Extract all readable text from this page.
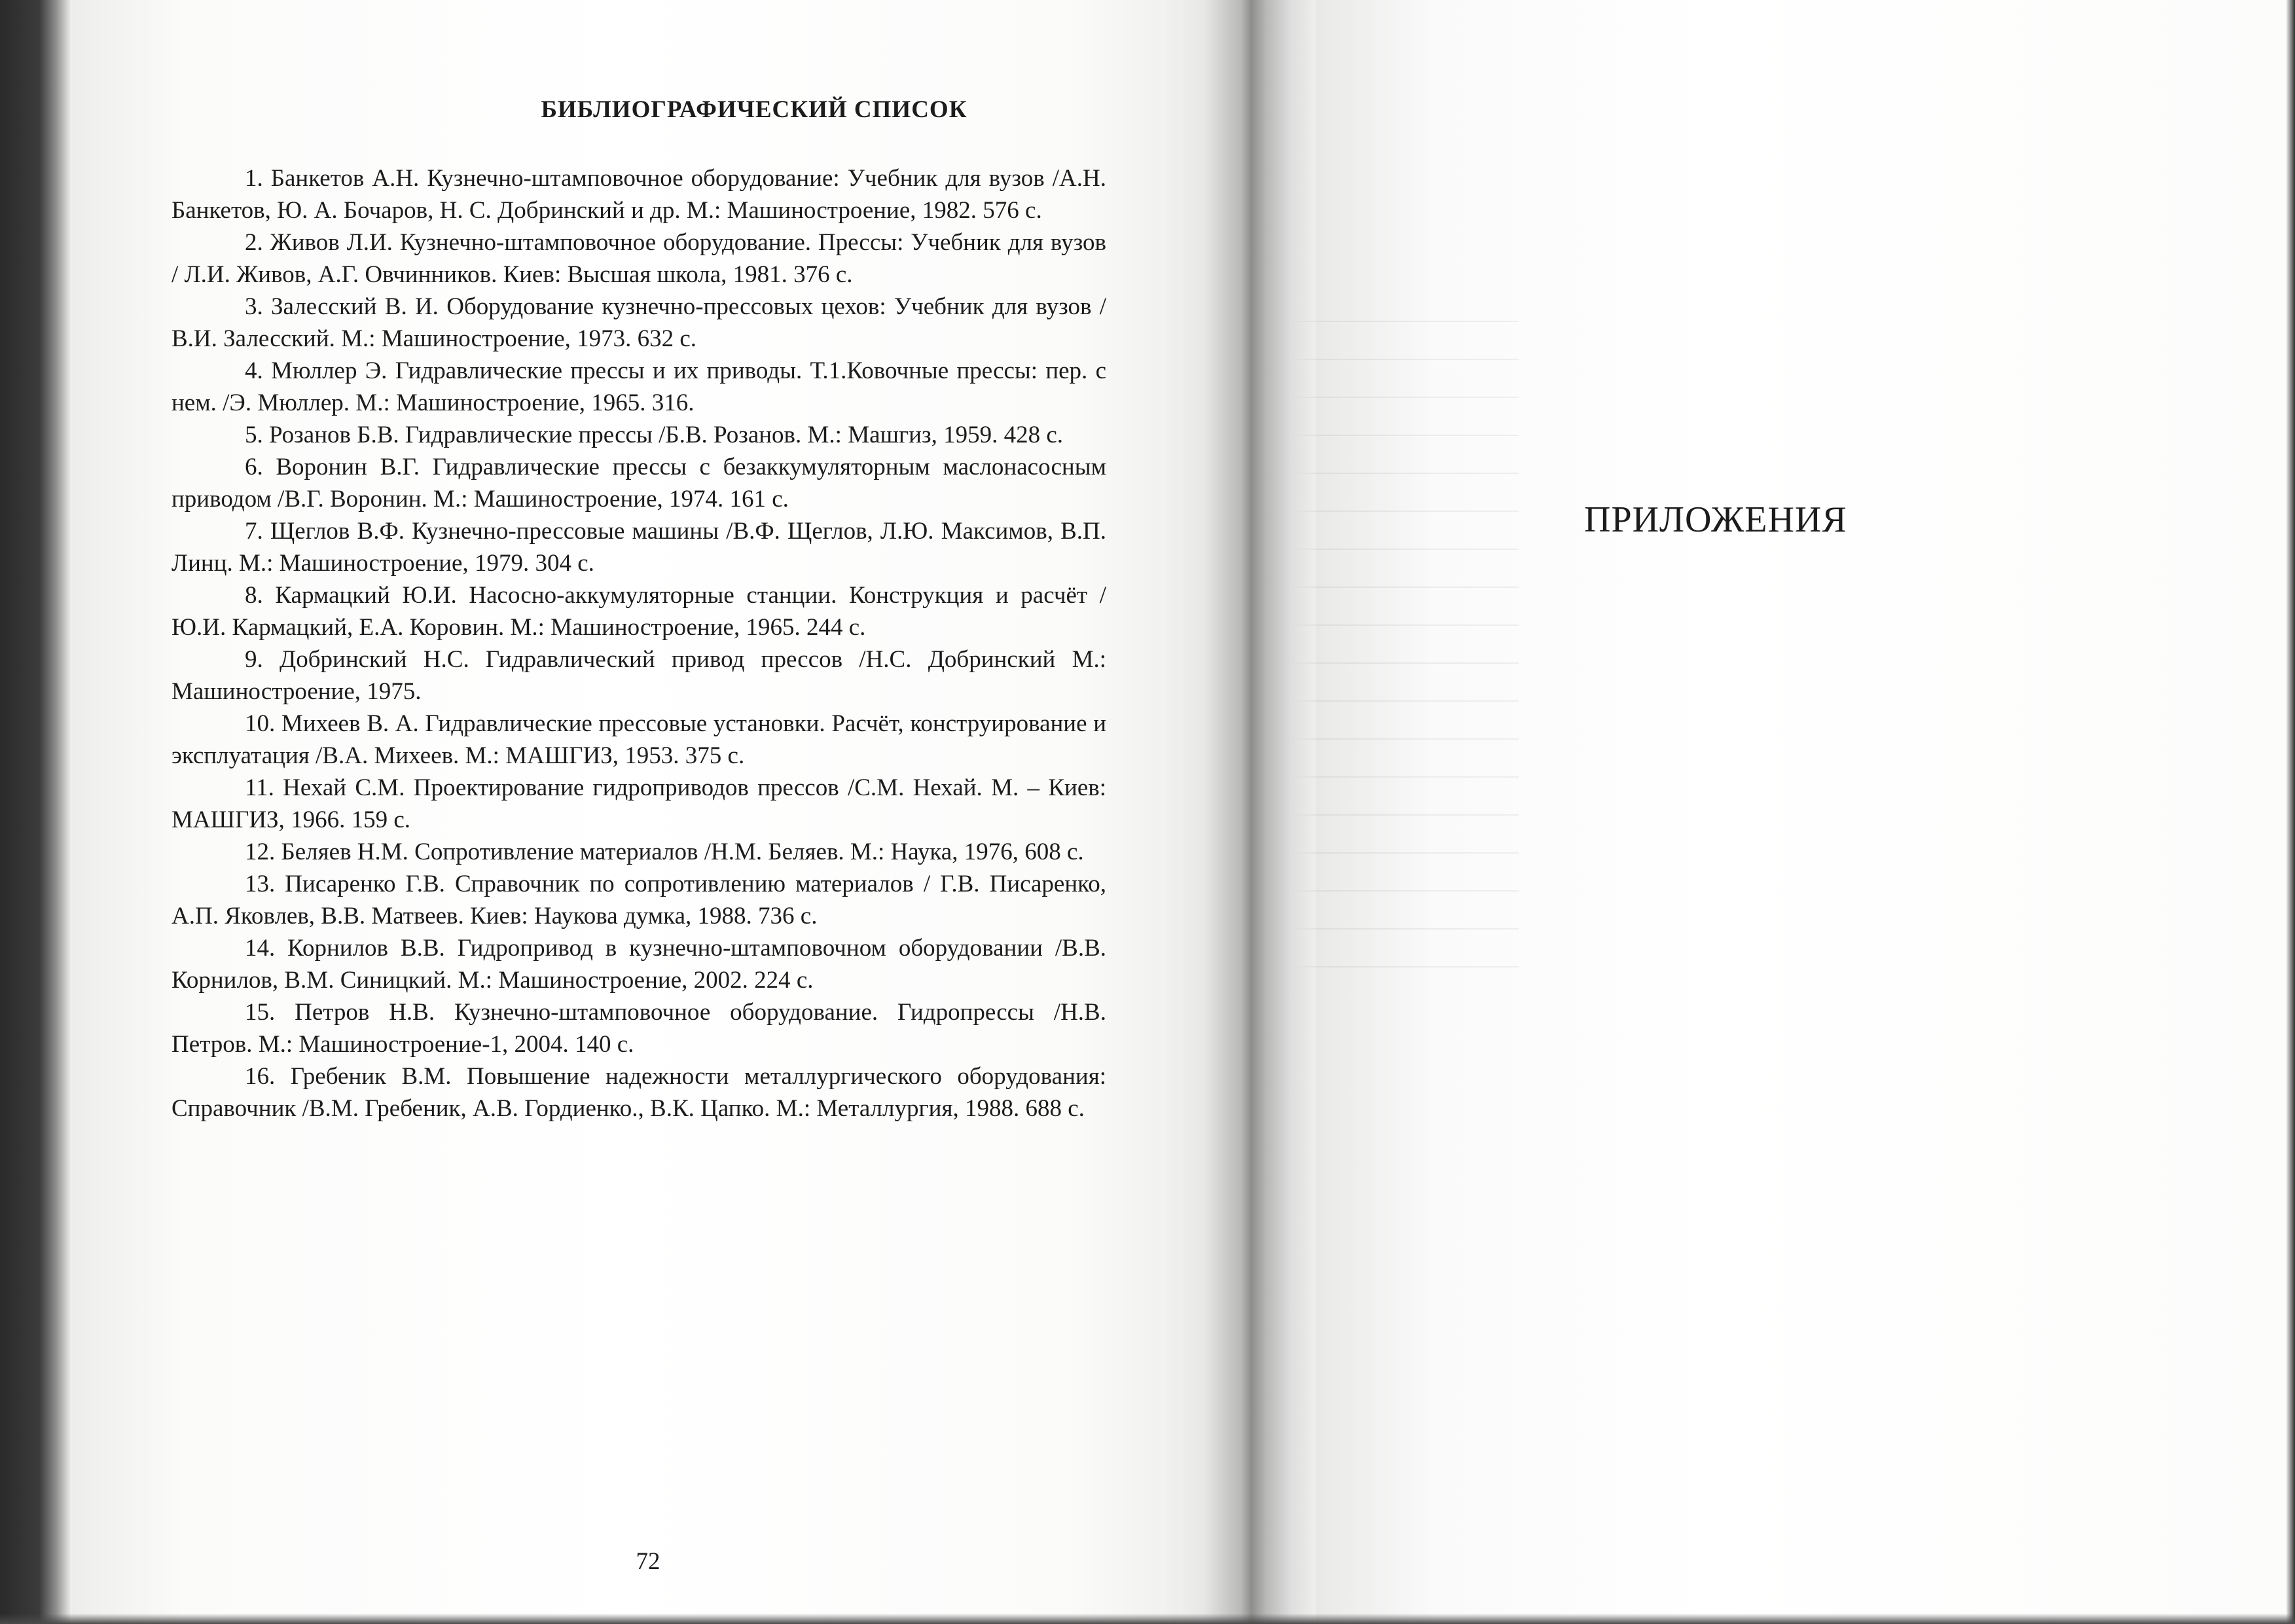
БИБЛИОГРАФИЧЕСКИЙ СПИСОК
1. Банкетов А.Н. Кузнечно-штамповочное оборудование: Учебник для вузов /А.Н. Банкетов, Ю. А. Бочаров, Н. С. Добринский и др. М.: Машиностроение, 1982. 576 с.
2. Живов Л.И. Кузнечно-штамповочное оборудование. Прессы: Учебник для вузов / Л.И. Живов, А.Г. Овчинников. Киев: Высшая школа, 1981. 376 с.
3. Залесский В. И. Оборудование кузнечно-прессовых цехов: Учебник для вузов /В.И. Залесский. М.: Машиностроение, 1973. 632 с.
4. Мюллер Э. Гидравлические прессы и их приводы. Т.1.Ковочные прессы: пер. с нем. /Э. Мюллер. М.: Машиностроение, 1965. 316.
5. Розанов Б.В. Гидравлические прессы /Б.В. Розанов. М.: Машгиз, 1959. 428 с.
6. Воронин В.Г. Гидравлические прессы с безаккумуляторным маслонасосным приводом /В.Г. Воронин. М.: Машиностроение, 1974. 161 с.
7. Щеглов В.Ф. Кузнечно-прессовые машины /В.Ф. Щеглов, Л.Ю. Максимов, В.П. Линц. М.: Машиностроение, 1979. 304 с.
8. Кармацкий Ю.И. Насосно-аккумуляторные станции. Конструкция и расчёт /Ю.И. Кармацкий, Е.А. Коровин. М.: Машиностроение, 1965. 244 с.
9. Добринский Н.С. Гидравлический привод прессов /Н.С. Добринский М.: Машиностроение, 1975.
10. Михеев В. А. Гидравлические прессовые установки. Расчёт, конструирование и эксплуатация /В.А. Михеев. М.: МАШГИЗ, 1953. 375 с.
11. Нехай С.М. Проектирование гидроприводов прессов /С.М. Нехай. М. – Киев: МАШГИЗ, 1966. 159 с.
12. Беляев Н.М. Сопротивление материалов /Н.М. Беляев. М.: Наука, 1976, 608 с.
13. Писаренко Г.В. Справочник по сопротивлению материалов / Г.В. Писаренко, А.П. Яковлев, В.В. Матвеев. Киев: Наукова думка, 1988. 736 с.
14. Корнилов В.В. Гидропривод в кузнечно-штамповочном оборудовании /В.В. Корнилов, В.М. Синицкий. М.: Машиностроение, 2002. 224 с.
15. Петров Н.В. Кузнечно-штамповочное оборудование. Гидропрессы /Н.В. Петров. М.: Машиностроение-1, 2004. 140 с.
16. Гребеник В.М. Повышение надежности металлургического оборудования: Справочник /В.М. Гребеник, А.В. Гордиенко., В.К. Цапко. М.: Металлургия, 1988. 688 с.
72
ПРИЛОЖЕНИЯ
